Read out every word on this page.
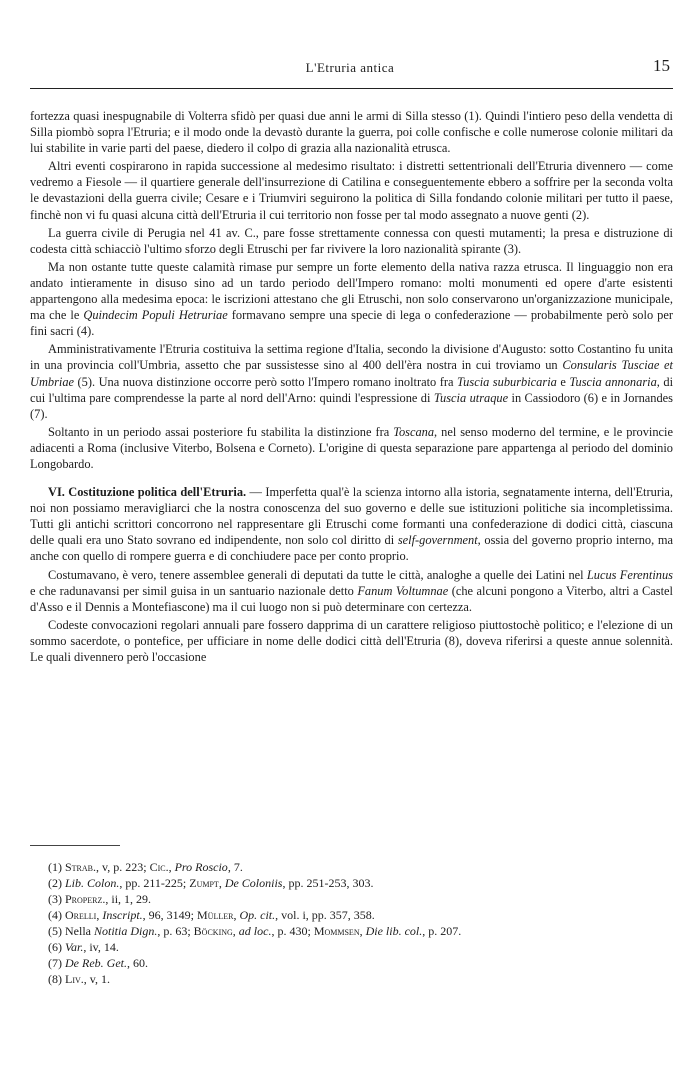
L'Etruria antica	15

fortezza quasi inespugnabile di Volterra sfidò per quasi due anni le armi di Silla stesso (1). Quindi l'intiero peso della vendetta di Silla piombò sopra l'Etruria; e il modo onde la devastò durante la guerra, poi colle confische e colle numerose colonie militari da lui stabilite in varie parti del paese, diedero il colpo di grazia alla nazionalità etrusca.

Altri eventi cospirarono in rapida successione al medesimo risultato: i distretti settentrionali dell'Etruria divennero — come vedremo a Fiesole — il quartiere generale dell'insurrezione di Catilina e conseguentemente ebbero a soffrire per la seconda volta le devastazioni della guerra civile; Cesare e i Triumviri seguirono la politica di Silla fondando colonie militari per tutto il paese, finchè non vi fu quasi alcuna città dell'Etruria il cui territorio non fosse per tal modo assegnato a nuove genti (2).

La guerra civile di Perugia nel 41 av. C., pare fosse strettamente connessa con questi mutamenti; la presa e distruzione di codesta città schiacciò l'ultimo sforzo degli Etruschi per far rivivere la loro nazionalità spirante (3).

Ma non ostante tutte queste calamità rimase pur sempre un forte elemento della nativa razza etrusca. Il linguaggio non era andato intieramente in disuso sino ad un tardo periodo dell'Impero romano: molti monumenti ed opere d'arte esistenti appartengono alla medesima epoca: le iscrizioni attestano che gli Etruschi, non solo conservarono un'organizzazione municipale, ma che le Quindecim Populi Hetruriae formavano sempre una specie di lega o confederazione — probabilmente però solo per fini sacri (4).

Amministrativamente l'Etruria costituiva la settima regione d'Italia, secondo la divisione d'Augusto: sotto Costantino fu unita in una provincia coll'Umbria, assetto che par sussistesse sino al 400 dell'èra nostra in cui troviamo un Consularis Tusciae et Umbriae (5). Una nuova distinzione occorre però sotto l'Impero romano inoltrato fra Tuscia suburbicaria e Tuscia annonaria, di cui l'ultima pare comprendesse la parte al nord dell'Arno: quindi l'espressione di Tuscia utraque in Cassiodoro (6) e in Jornandes (7).

Soltanto in un periodo assai posteriore fu stabilita la distinzione fra Toscana, nel senso moderno del termine, e le provincie adiacenti a Roma (inclusive Viterbo, Bolsena e Corneto). L'origine di questa separazione pare appartenga al periodo del dominio Longobardo.

VI. Costituzione politica dell'Etruria. — Imperfetta qual'è la scienza intorno alla istoria, segnatamente interna, dell'Etruria, noi non possiamo meravigliarci che la nostra conoscenza del suo governo e delle sue istituzioni politiche sia incompletissima. Tutti gli antichi scrittori concorrono nel rappresentare gli Etruschi come formanti una confederazione di dodici città, ciascuna delle quali era uno Stato sovrano ed indipendente, non solo col diritto di self-government, ossia del governo proprio interno, ma anche con quello di rompere guerra e di conchiudere pace per conto proprio.

Costumavano, è vero, tenere assemblee generali di deputati da tutte le città, analoghe a quelle dei Latini nel Lucus Ferentinus e che radunavansi per simil guisa in un santuario nazionale detto Fanum Voltumnae (che alcuni pongono a Viterbo, altri a Castel d'Asso e il Dennis a Montefiascone) ma il cui luogo non si può determinare con certezza.

Codeste convocazioni regolari annuali pare fossero dapprima di un carattere religioso piuttostochè politico; e l'elezione di un sommo sacerdote, o pontefice, per ufficiare in nome delle dodici città dell'Etruria (8), doveva riferirsi a queste annue solennità. Le quali divennero però l'occasione

(1) Strab., v, p. 223; Cic., Pro Roscio, 7.
(2) Lib. Colon., pp. 211-225; Zumpt, De Coloniis, pp. 251-253, 303.
(3) Properz., ii, 1, 29.
(4) Orelli, Inscript., 96, 3149; Müller, Op. cit., vol. i, pp. 357, 358.
(5) Nella Notitia Dign., p. 63; Böcking, ad loc., p. 430; Mommsen, Die lib. col., p. 207.
(6) Var., iv, 14.
(7) De Reb. Get., 60.
(8) Liv., v, 1.
